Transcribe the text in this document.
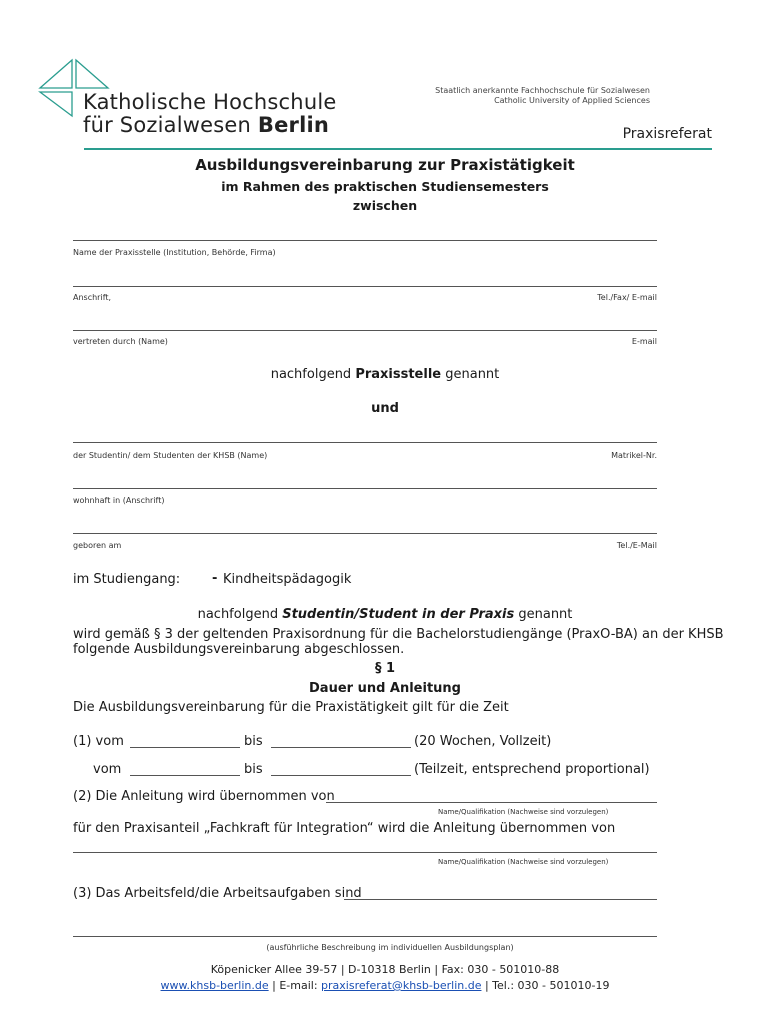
Katholische Hochschule
für Sozialwesen Berlin
Staatlich anerkannte Fachhochschule für Sozialwesen
Catholic University of Applied Sciences
Praxisreferat
Ausbildungsvereinbarung zur Praxistätigkeit
im Rahmen des praktischen Studiensemesters
zwischen
Name der Praxisstelle (Institution, Behörde, Firma)
Anschrift,	Tel./Fax/ E-mail
vertreten durch (Name)	E-mail
nachfolgend Praxisstelle genannt
und
der Studentin/ dem Studenten der KHSB (Name)	Matrikel-Nr.
wohnhaft in (Anschrift)
geboren am	Tel./E-Mail
im Studiengang: - Kindheitspädagogik
nachfolgend Studentin/Student in der Praxis genannt
wird gemäß § 3 der geltenden Praxisordnung für die Bachelorstudiengänge (PraxO-BA) an der KHSB
folgende Ausbildungsvereinbarung abgeschlossen.
§ 1
Dauer und Anleitung
Die Ausbildungsvereinbarung für die Praxistätigkeit gilt für die Zeit
(1) vom	bis	(20 Wochen, Vollzeit)
vom	bis	(Teilzeit, entsprechend proportional)
(2) Die Anleitung wird übernommen von
Name/Qualifikation (Nachweise sind vorzulegen)
für den Praxisanteil „Fachkraft für Integration“ wird die Anleitung übernommen von
Name/Qualifikation (Nachweise sind vorzulegen)
(3) Das Arbeitsfeld/die Arbeitsaufgaben sind
(ausführliche Beschreibung im individuellen Ausbildungsplan)
Köpenicker Allee 39-57 | D-10318 Berlin | Fax: 030 - 501010-88
www.khsb-berlin.de | E-mail: praxisreferat@khsb-berlin.de | Tel.: 030 - 501010-19
